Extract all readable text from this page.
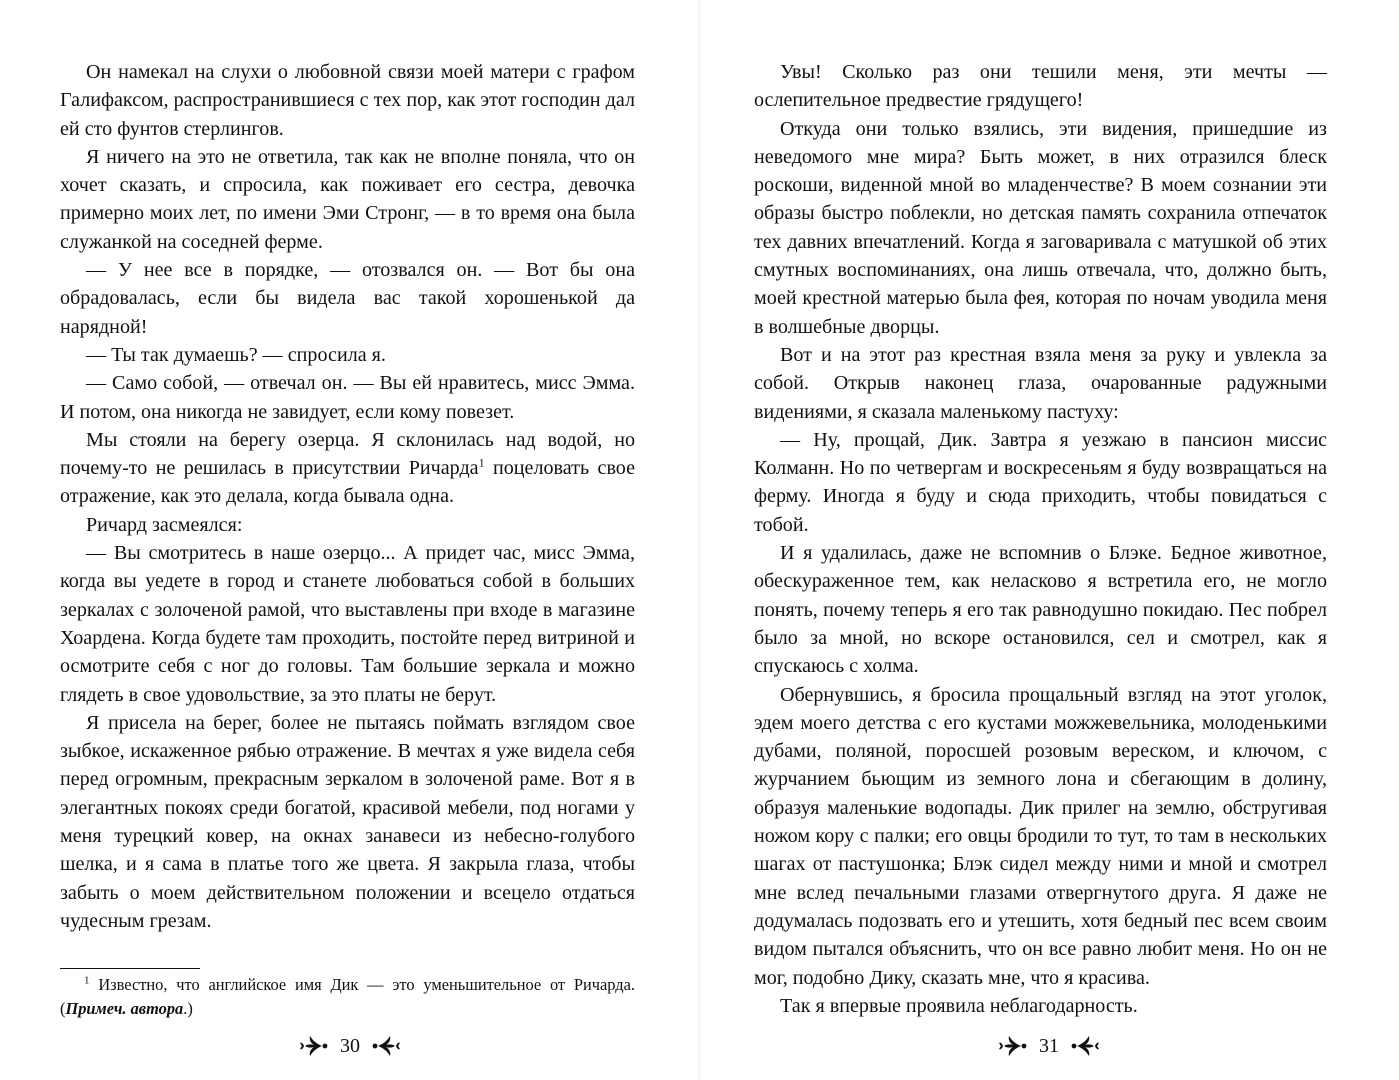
Он намекал на слухи о любовной связи моей матери с графом Галифаксом, распространившиеся с тех пор, как этот господин дал ей сто фунтов стерлингов.

Я ничего на это не ответила, так как не вполне поняла, что он хочет сказать, и спросила, как поживает его сестра, девочка примерно моих лет, по имени Эми Стронг, — в то время она была служанкой на соседней ферме.

— У нее все в порядке, — отозвался он. — Вот бы она обрадовалась, если бы видела вас такой хорошенькой да нарядной!

— Ты так думаешь? — спросила я.

— Само собой, — отвечал он. — Вы ей нравитесь, мисс Эмма. И потом, она никогда не завидует, если кому повезет.

Мы стояли на берегу озерца. Я склонилась над водой, но почему-то не решилась в присутствии Ричарда$^1$ поцеловать свое отражение, как это делала, когда бывала одна.

Ричард засмеялся:

— Вы смотритесь в наше озерцо... А придет час, мисс Эмма, когда вы уедете в город и станете любоваться собой в больших зеркалах с золоченой рамой, что выставлены при входе в магазине Хоардена. Когда будете там проходить, постойте перед витриной и осмотрите себя с ног до головы. Там большие зеркала и можно глядеть в свое удовольствие, за это платы не берут.

Я присела на берег, более не пытаясь поймать взглядом свое зыбкое, искаженное рябью отражение. В мечтах я уже видела себя перед огромным, прекрасным зеркалом в золоченой раме. Вот я в элегантных покоях среди богатой, красивой мебели, под ногами у меня турецкий ковер, на окнах занавеси из небесно-голубого шелка, и я сама в платье того же цвета. Я закрыла глаза, чтобы забыть о моем действительном положении и всецело отдаться чудесным грезам.

$^1$ Известно, что английское имя Дик — это уменьшительное от Ричарда. (Примеч. автора.)
30

Увы! Сколько раз они тешили меня, эти мечты — ослепительное предвестие грядущего!

Откуда они только взялись, эти видения, пришедшие из неведомого мне мира? Быть может, в них отразился блеск роскоши, виденной мной во младенчестве? В моем сознании эти образы быстро поблекли, но детская память сохранила отпечаток тех давних впечатлений. Когда я заговаривала с матушкой об этих смутных воспоминаниях, она лишь отвечала, что, должно быть, моей крестной матерью была фея, которая по ночам уводила меня в волшебные дворцы.

Вот и на этот раз крестная взяла меня за руку и увлекла за собой. Открыв наконец глаза, очарованные радужными видениями, я сказала маленькому пастуху:

— Ну, прощай, Дик. Завтра я уезжаю в пансион миссис Колманн. Но по четвергам и воскресеньям я буду возвращаться на ферму. Иногда я буду и сюда приходить, чтобы повидаться с тобой.

И я удалилась, даже не вспомнив о Блэке. Бедное животное, обескураженное тем, как неласково я встретила его, не могло понять, почему теперь я его так равнодушно покидаю. Пес побрел было за мной, но вскоре остановился, сел и смотрел, как я спускаюсь с холма.

Обернувшись, я бросила прощальный взгляд на этот уголок, эдем моего детства с его кустами можжевельника, молоденькими дубами, поляной, поросшей розовым вереском, и ключом, с журчанием бьющим из земного лона и сбегающим в долину, образуя маленькие водопады. Дик прилег на землю, обстругивая ножом кору с палки; его овцы бродили то тут, то там в нескольких шагах от пастушонка; Блэк сидел между ними и мной и смотрел мне вслед печальными глазами отвергнутого друга. Я даже не додумалась подозвать его и утешить, хотя бедный пес всем своим видом пытался объяснить, что он все равно любит меня. Но он не мог, подобно Дику, сказать мне, что я красива.

Так я впервые проявила неблагодарность.

31
